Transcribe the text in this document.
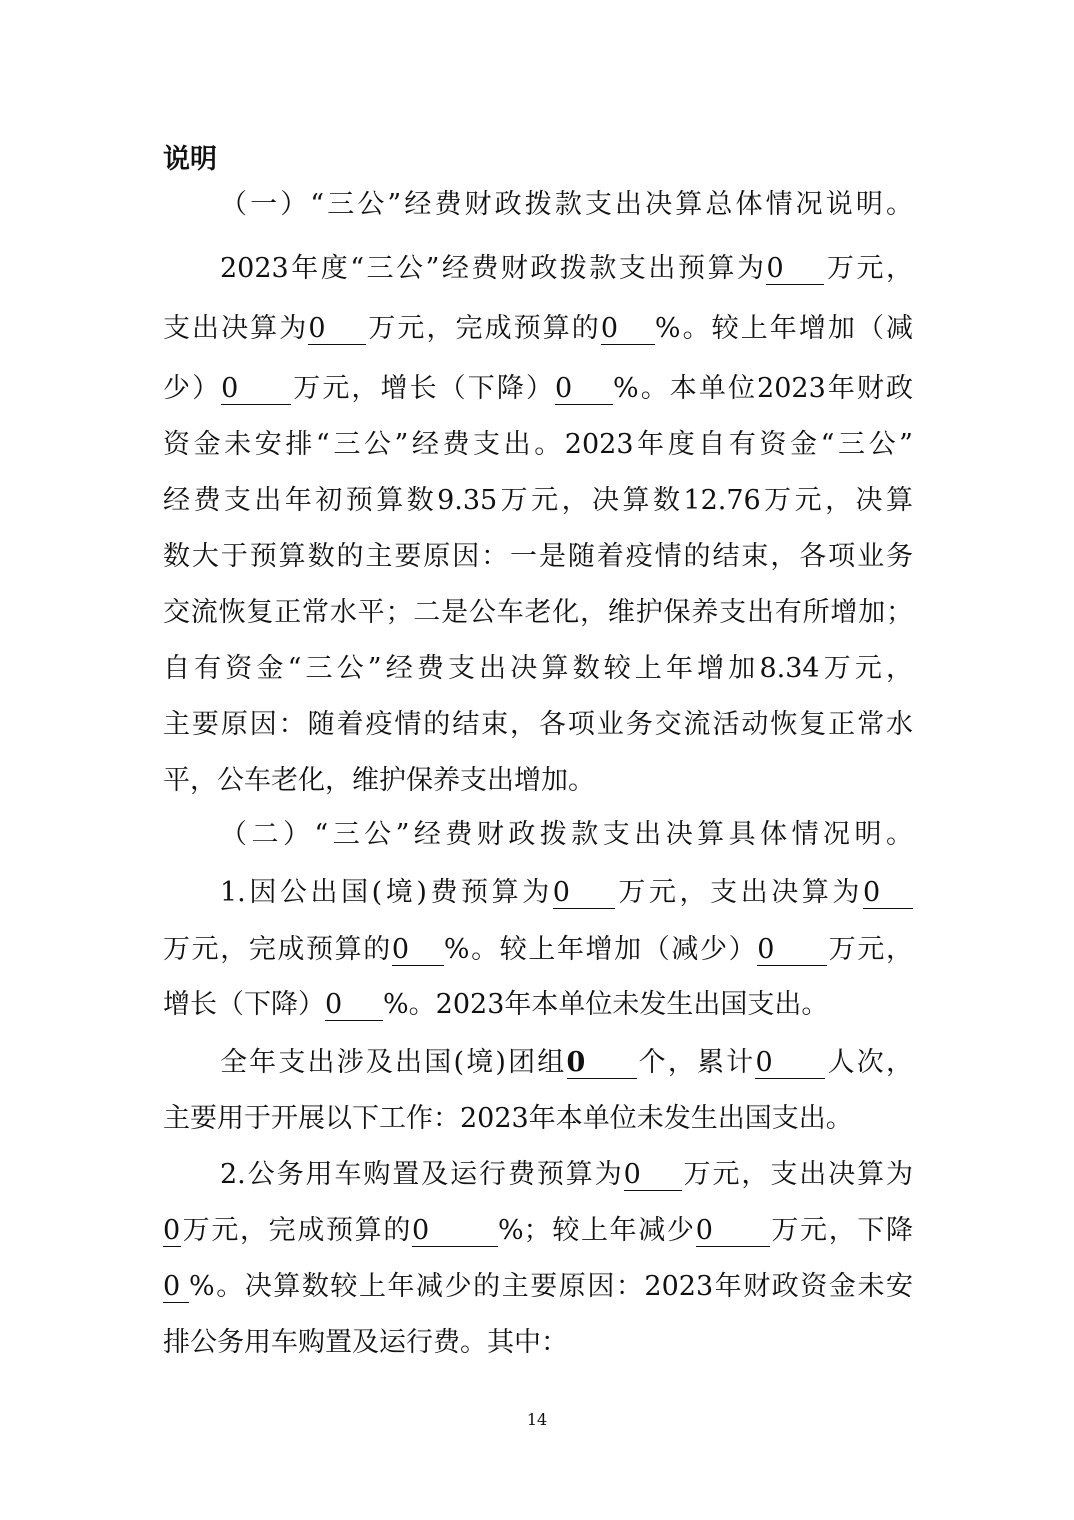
说明
（一）“三公”经费财政拨款支出决算总体情况说明。
2023年度“三公”经费财政拨款支出预算为0 万元，
支出决算为0 万元，完成预算的0 %。较上年增加（减
少）0 万元，增长（下降）0 %。本单位2023年财政
资金未安排“三公”经费支出。2023年度自有资金“三公”
经费支出年初预算数9.35万元，决算数12.76万元，决算
数大于预算数的主要原因：一是随着疫情的结束，各项业务
交流恢复正常水平；二是公车老化，维护保养支出有所增加；
自有资金“三公”经费支出决算数较上年增加8.34万元，
主要原因：随着疫情的结束，各项业务交流活动恢复正常水
平，公车老化，维护保养支出增加。
（二）“三公”经费财政拨款支出决算具体情况明。
1.因公出国(境)费预算为0 万元，支出决算为0
万元，完成预算的0 %。较上年增加（减少）0 万元，
增长（下降）0 %。2023年本单位未发生出国支出。
全年支出涉及出国(境)团组0 个，累计0 人次，
主要用于开展以下工作：2023年本单位未发生出国支出。
2.公务用车购置及运行费预算为0 万元，支出决算为
0万元，完成预算的0	%；较上年减少0 万元，下降
0 %。决算数较上年减少的主要原因：2023年财政资金未安
排公务用车购置及运行费。其中：
14
